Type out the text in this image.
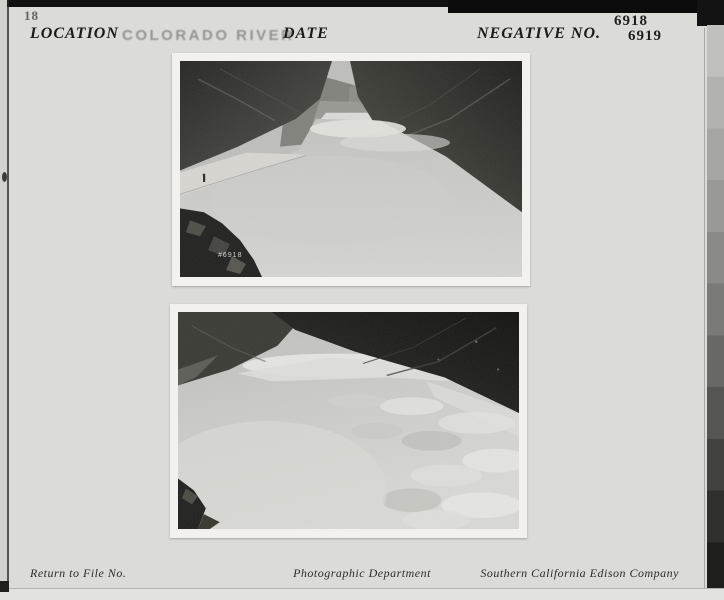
18
LOCATION COLORADO RIVER
DATE	NEGATIVE NO.
6918
6919
#6918
Return to File No.	Photographic Department	Southern California Edison Company
